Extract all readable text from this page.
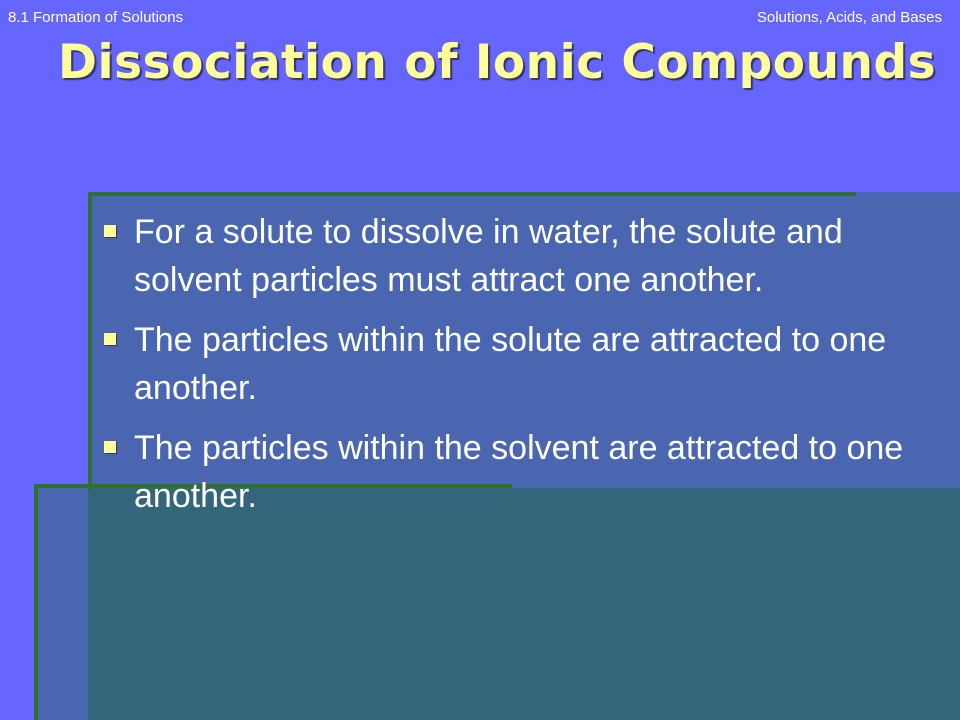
8.1 Formation of Solutions	Solutions, Acids, and Bases
Dissociation of Ionic Compounds
For a solute to dissolve in water, the solute and solvent particles must attract one another.
The particles within the solute are attracted to one another.
The particles within the solvent are attracted to one another.
